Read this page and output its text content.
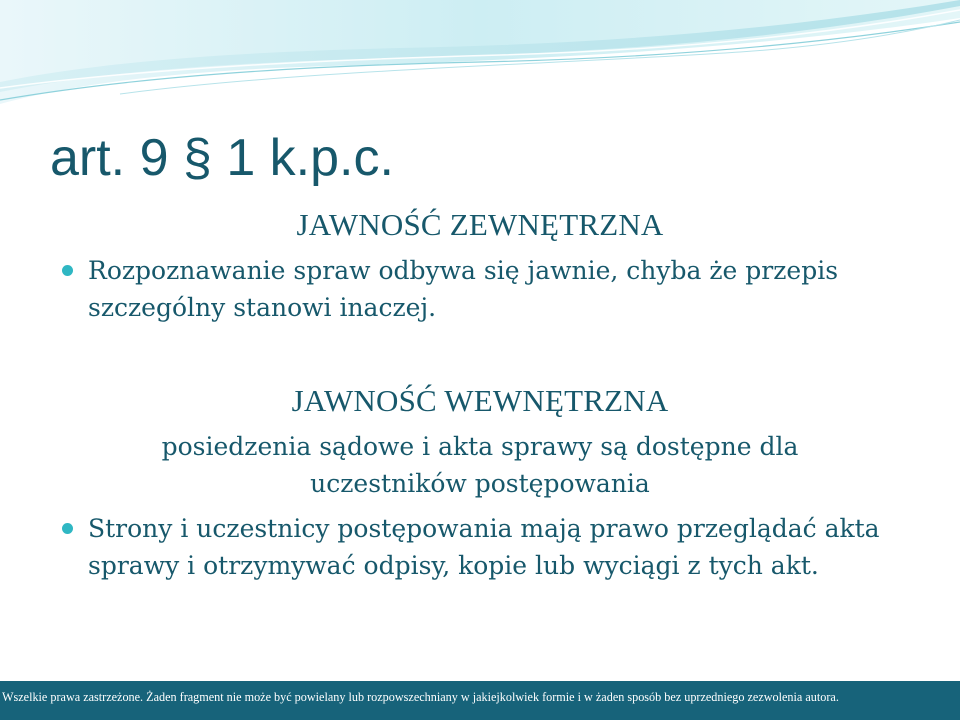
art. 9 § 1 k.p.c.
JAWNOŚĆ ZEWNĘTRZNA
Rozpoznawanie spraw odbywa się jawnie, chyba że przepis szczególny stanowi inaczej.
JAWNOŚĆ WEWNĘTRZNA
posiedzenia sądowe i akta sprawy są dostępne dla
uczestników postępowania
Strony i uczestnicy postępowania mają prawo przeglądać akta sprawy i otrzymywać odpisy, kopie lub wyciągi z tych akt.
Wszelkie prawa zastrzeżone. Żaden fragment nie może być powielany lub rozpowszechniany w jakiejkolwiek formie i w żaden sposób bez uprzedniego zezwolenia autora.
